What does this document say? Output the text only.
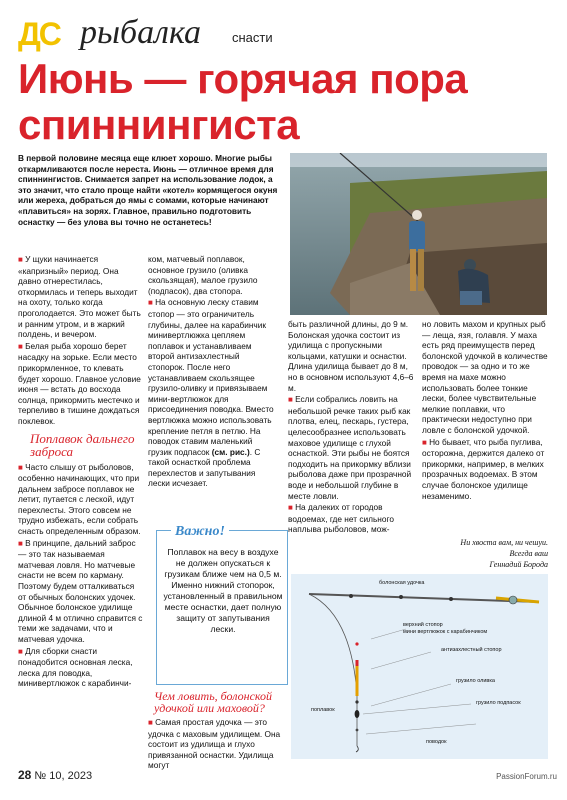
ДС рыбалка снасти
Июнь — горячая пора
спиннингиста
В первой половине месяца еще клюет хорошо. Многие рыбы откармливаются после нереста. Июнь — отличное время для спиннингистов. Снимается запрет на использование лодок, а это значит, что стало проще найти «котел» кормящегося окуня или жереха, добраться до ямы с сомами, которые начинают «плавиться» на зорях. Главное, правильно подготовить оснастку — без улова вы точно не останетесь!

■ У щуки начинается «капризный» период. Она давно отнерестилась, откормилась и теперь выходит на охоту, только когда проголодается. Это может быть и ранним утром, и в жаркий полдень, и вечером.

■ Белая рыба хорошо берет насадку на зорьке. Если место прикормленное, то клевать будет хорошо. Главное условие июня — встать до восхода солнца, прикормить местечко и терпеливо в тишине дождаться поклевок.

Поплавок дальнего заброса

■ Часто слышу от рыболовов, особенно начинающих, что при дальнем забросе поплавок не летит, путается с леской, идут перехлесты. Этого совсем не трудно избежать, если собрать снасть определенным образом.

■ В принципе, дальний заброс — это так называемая матчевая ловля. Но матчевые снасти не всем по карману. Поэтому будем отталкиваться от обычных болонских удочек. Обычное болонское удилище длиной 4 м отлично справится с теми же задачами, что и матчевая удочка.

■ Для сборки снасти понадобится основная леска, леска для поводка, минивертлюжок с карабинчи-

ком, матчевый поплавок, основное грузило (оливка скользящая), малое грузило (подпасок), два стопора.

■ На основную леску ставим стопор — это ограничитель глубины, далее на карабинчик минивертлюжка цепляем поплавок и устанавливаем второй антизахлестный стопорок. После него устанавливаем скользящее грузило-оливку и привязываем мини-вертлюжок для присоединения поводка. Вместо вертлюжка можно использовать крепление петля в петлю. На поводок ставим маленький грузик подпасок (см. рис.). С такой оснасткой проблема перехлестов и запутывания лески исчезает.

Важно!
Поплавок на весу в воздухе не должен опускаться к грузикам ближе чем на 0,5 м. Именно нижний стопорок, установленный в правильном месте оснастки, дает полную защиту от запутывания лески.
Чем ловить, болонской удочкой или маховой?

■ Самая простая удочка — это удочка с маховым удилищем. Она состоит из удилища и глухо привязанной оснастки. Удилища могут

быть различной длины, до 9 м. Болонская удочка состоит из удилища с пропускными кольцами, катушки и оснастки. Длина удилища бывает до 8 м, но в основном используют 4,6–6 м.

■ Если собрались ловить на небольшой речке таких рыб как плотва, елец, пескарь, густера, целесообразнее использовать маховое удилище с глухой оснасткой. Эти рыбы не боятся подходить на прикормку вблизи рыболова даже при прозрачной воде и небольшой глубине в месте ловли.

■ На далеких от городов водоемах, где нет сильного наплыва рыболовов, мож-

но ловить махом и крупных рыб — леща, язя, голавля. У маха есть ряд преимуществ перед болонской удочкой в количестве проводок — за одно и то же время на махе можно использовать более тонкие лески, более чувствительные мелкие поплавки, что практически недоступно при ловле с болонской удочкой.

■ Но бывает, что рыба пуглива, осторожна, держится далеко от прикормки, например, в мелких прозрачных водоемах. В этом случае болонское удилище незаменимо.

Ни хвоста вам, ни чешуи.
Всегда ваш
Геннадий Борода
болонская удочка
верхний стопор
мини вертлюжок с карабинчиком
антизахлестный стопор
грузило оливка
поплавок
грузило подпасок
поводок
28 № 10, 2023	PassionForum.ru
